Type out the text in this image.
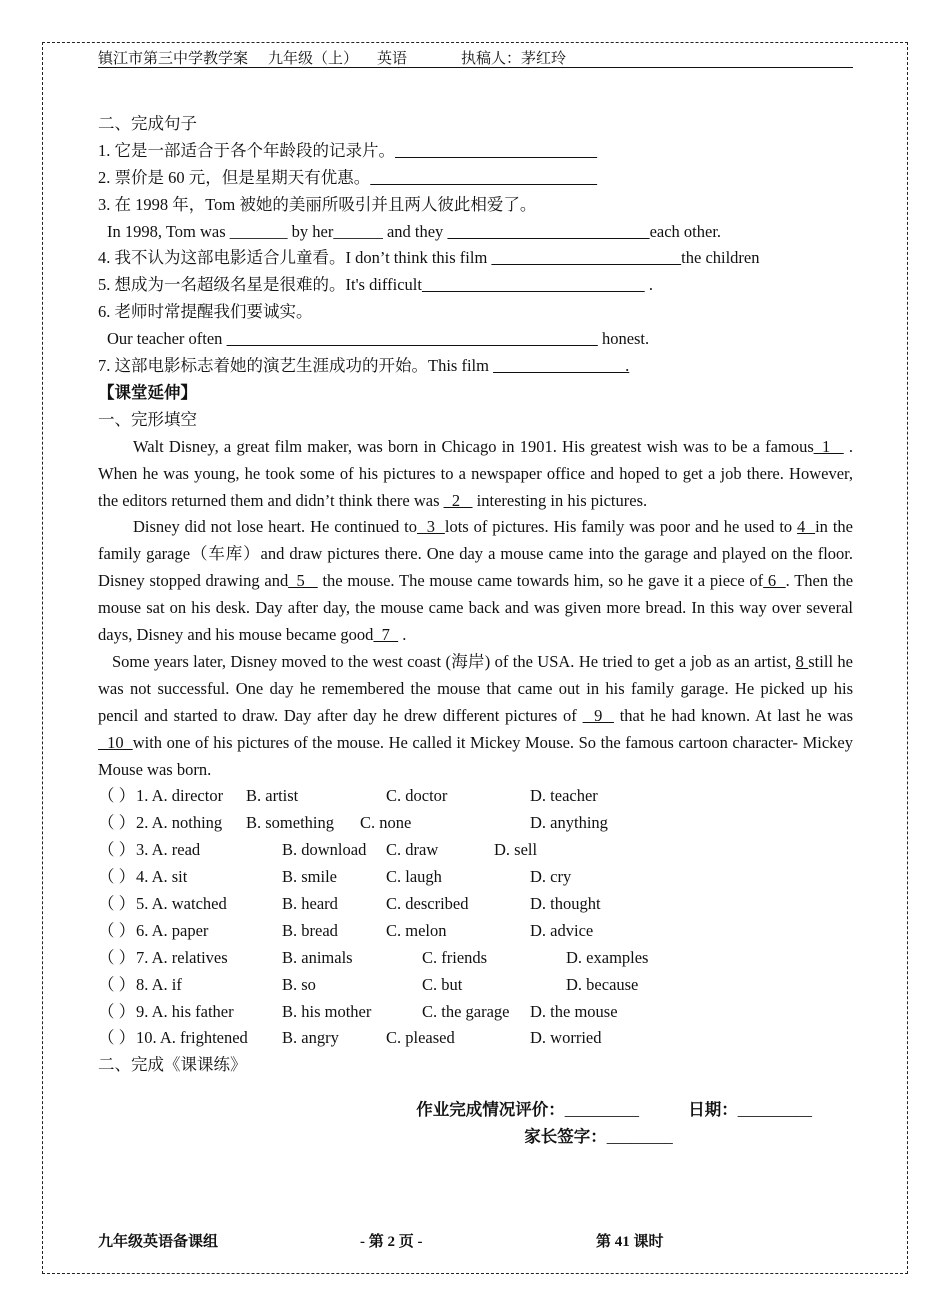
镇江市第三中学教学案

九年级（上）

英语

	执稿人：茅红玲

二、完成句子
1. 它是一部适合于各个年龄段的记录片。
2. 票价是 60 元，但是星期天有优惠。
3. 在 1998 年，Tom 被她的美丽所吸引并且两人彼此相爱了。
In 1998, Tom was _______ by her______ and they	each other.
4. 我不认为这部电影适合儿童看。I don’t think this film	the children
5. 想成为一名超级名星是很难的。It's difficult	.
6. 老师时常提醒我们要诚实。
Our teacher often	honest.
7. 这部电影标志着她的演艺生涯成功的开始。This film ________________.
【课堂延伸】
一、完形填空

Walt Disney, a great film maker, was born in Chicago in 1901. His greatest wish was to be a famous_1_  . When he was young, he took some of his pictures to a newspaper office and hoped to get a job there. However, the editors returned them and didn’t think there was _2_  interesting in his pictures.

Disney did not lose heart. He continued to  3  lots of pictures. His family was poor and he used to 4  in the family garage（车库）and draw pictures there. One day a mouse came into the garage and played on the floor. Disney stopped drawing and_5_  the mouse. The mouse came towards him, so he gave it a piece of 6  . Then the mouse sat on his desk. Day after day, the mouse came back and was given more bread. In this way over several days, Disney and his mouse became good  7   .

Some years later, Disney moved to the west coast (海岸) of the USA. He tried to get a job as an artist, 8 still he was not successful. One day he remembered the mouse that came out in his family garage. He picked up his pencil and started to draw. Day after day he drew different pictures of   9   that he had known. At last he was  10  with one of his pictures of the mouse. He called it Mickey Mouse. So the famous cartoon character- Mickey Mouse was born.

（ ） 1. A. director B. artist	C. doctor	D. teacher
（ ） 2. A. nothing B. something C. none	D. anything
（ ） 3. A. read	B. download C. draw	D. sell
（ ） 4. A. sit	B. smile	C. laugh	D. cry
（ ） 5. A. watched	B. heard	C. described	D. thought
（ ） 6. A. paper	B. bread	C. melon	D. advice
（ ） 7. A. relatives	B. animals	C. friends	D. examples
（ ） 8. A. if	B. so	C. but	D. because
（ ） 9. A. his father	B. his mother	C. the garage D. the mouse
（ ） 10. A. frightened B. angry	C. pleased	D. worried
二、完成《课课练》

作业完成情况评价：_________	日期：_________

家长签字：________

九年级英语备课组	- 第 2 页 -	第 41 课时
